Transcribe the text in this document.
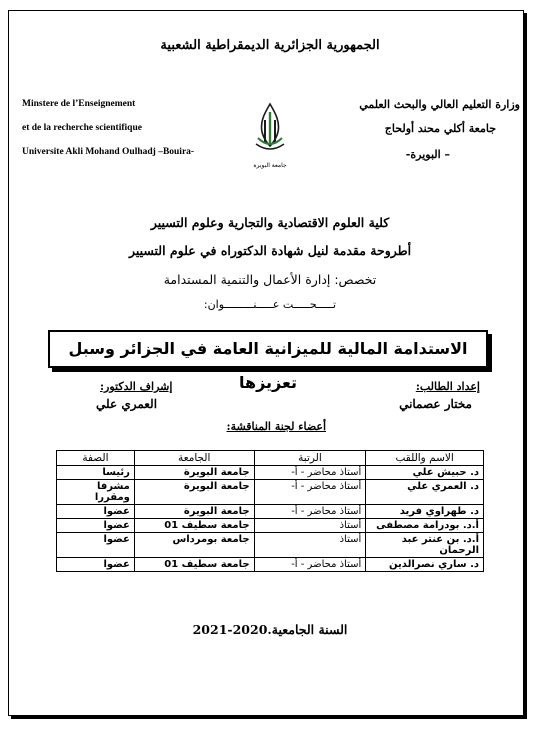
الجمهورية الجزائرية الديمقراطية الشعبية
Minstere de l’Enseignement
et de la recherche scientifique
Universite Akli Mohand Oulhadj –Bouira-
وزارة التعليم العالي والبحث العلمي
جامعة أكلي محند أولحاج
– البويرة-
جامعة البويرة
كلية العلوم الاقتصادية والتجارية وعلوم التسيير
أطروحة مقدمة لنيل شهادة الدكتوراه في علوم التسيير
تخصص: إدارة الأعمال والتنمية المستدامة
تـــــحـــــت عـــــنـــــــــوان:
الاستدامة المالية للميزانية العامة في الجزائر وسبل تعزيزها	إعداد الطالب:
مختار عصماني
إشراف الدكتور:
العمري علي
أعضاء لجنة المناقشة:
الاسم واللقب	الرتبة	الجامعة	الصفة
د. حبيش علي	أستاذ محاضر - أ-	جامعة البويرة	رئيسا
د. العمري علي	أستاذ محاضر - أ-	جامعة البويرة	مشرفا ومقررا
د. طهراوي فريد	أستاذ محاضر - أ-	جامعة البويرة	عضوا
أ.د. بودرامة مصطفى	أستاذ	جامعة سطيف 01	عضوا
أ.د. بن عنتر عبد الرحمان	أستاذ	جامعة بومرداس	عضوا
د. ساري نصرالدين	أستاذ محاضر - أ-	جامعة سطيف 01	عضوا
السنة الجامعية.2020-2021
